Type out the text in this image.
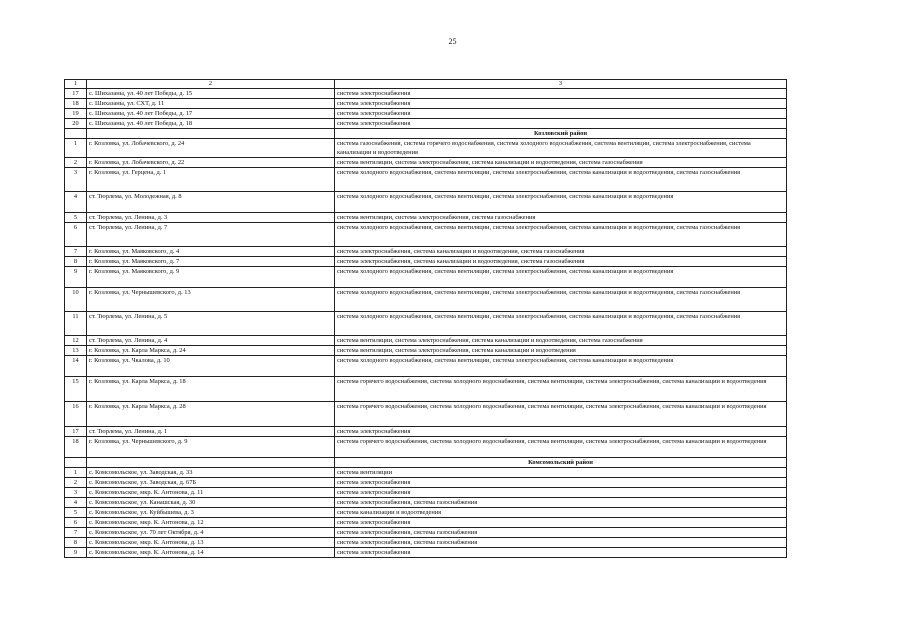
25
1	2	3
17	с. Шихазаны, ул. 40 лет Победы, д. 15	система электроснабжения
18	с. Шихазаны, ул. СХТ, д. 11	система электроснабжения
19	с. Шихазаны, ул. 40 лет Победы, д. 17	система электроснабжения
20	с. Шихазаны, ул. 40 лет Победы, д. 18	система электроснабжения
		Козловский район
1	г. Козловка, ул. Лобачевского, д. 24	система газоснабжения, система горячего водоснабжения, система холодного водоснабжения, система вентиляции, система электроснабжения, система канализации и водоотведения
2	г. Козловка, ул. Лобачевского, д. 22	система вентиляции, система электроснабжения, система канализации и водоотведения, система газоснабжения
3	г. Козловка, ул. Герцена, д. 1	система холодного водоснабжения, система вентиляции, система электроснабжения, система канализации и водоотведения, система газоснабжения
4	ст. Тюрлема, ул. Молодежная, д. 8	система холодного водоснабжения, система вентиляции, система электроснабжения, система канализации и водоотведения
5	ст. Тюрлема, ул. Ленина, д. 3	система вентиляции, система электроснабжения, система газоснабжения
6	ст. Тюрлема, ул. Ленина, д. 7	система холодного водоснабжения, система вентиляции, система электроснабжения, система канализации и водоотведения, система газоснабжения
7	г. Козловка, ул. Маяковского, д. 4	система электроснабжения, система канализации и водоотведения, система газоснабжения
8	г. Козловка, ул. Маяковского, д. 7	система электроснабжения, система канализации и водоотведения, система газоснабжения
9	г. Козловка, ул. Маяковского, д. 9	система холодного водоснабжения, система вентиляции, система электроснабжения, система канализации и водоотведения
10	г. Козловка, ул. Чернышевского, д. 13	система холодного водоснабжения, система вентиляции, система электроснабжения, система канализации и водоотведения, система газоснабжения
11	ст. Тюрлема, ул. Ленина, д. 5	система холодного водоснабжения, система вентиляции, система электроснабжения, система канализации и водоотведения, система газоснабжения
12	ст. Тюрлема, ул. Ленина, д. 4	система вентиляции, система электроснабжения, система канализации и водоотведения, система газоснабжения
13	г. Козловка, ул. Карла Маркса, д. 24	система вентиляции, система электроснабжения, система канализации и водоотведения
14	г. Козловка, ул. Чкалова, д. 10	система холодного водоснабжения, система вентиляции, система электроснабжения, система канализации и водоотведения
15	г. Козловка, ул. Карла Маркса, д. 18	система горячего водоснабжения, система холодного водоснабжения, система вентиляции, система электроснабжения, система канализации и водоотведения
16	г. Козловка, ул. Карла Маркса, д. 28	система горячего водоснабжения, система холодного водоснабжения, система вентиляции, система электроснабжения, система канализации и водоотведения
17	ст. Тюрлема, ул. Ленина, д. 1	система электроснабжения
18	г. Козловка, ул. Чернышевского, д. 9	система горячего водоснабжения, система холодного водоснабжения, система вентиляции, система электроснабжения, система канализации и водоотведения
		Комсомольский район
1	с. Комсомольское, ул. Заводская, д. 33	система вентиляции
2	с. Комсомольское, ул. Заводская, д. 67Б	система электроснабжения
3	с. Комсомольское, мкр. К. Антонова, д. 11	система электроснабжения
4	с. Комсомольское, ул. Канашская, д. 30	система электроснабжения, система газоснабжения
5	с. Комсомольское, ул. Куйбышева, д. 3	система канализации и водоотведения
6	с. Комсомольское, мкр. К. Антонова, д. 12	система электроснабжения
7	с. Комсомольское, ул. 70 лет Октября, д. 4	система электроснабжения, система газоснабжения
8	с. Комсомольское, мкр. К. Антонова, д. 13	система электроснабжения, система газоснабжения
9	с. Комсомольское, мкр. К. Антонова, д. 14	система электроснабжения
